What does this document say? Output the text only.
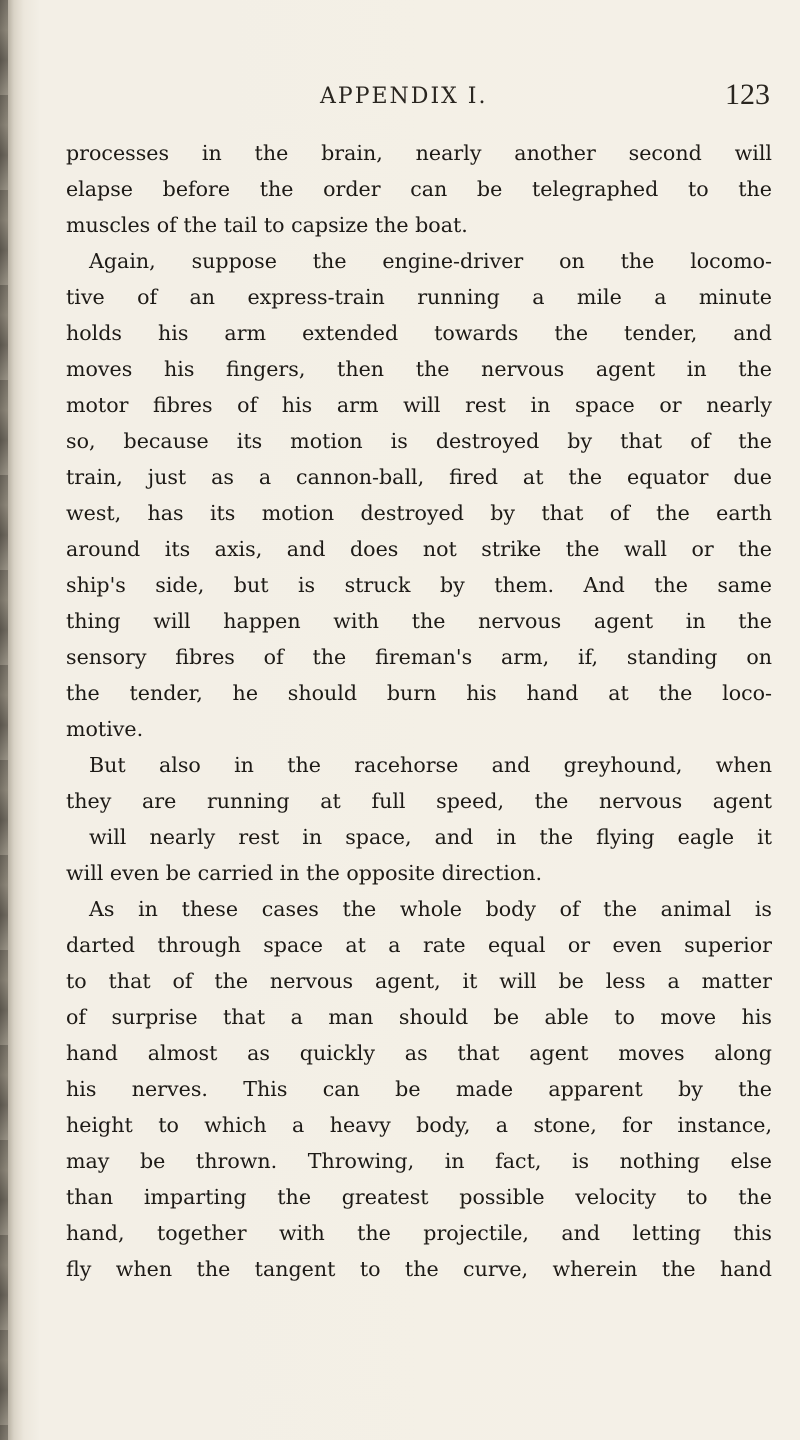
APPENDIX I.	123
processes in the brain, nearly another second will
elapse before the order can be telegraphed to the
muscles of the tail to capsize the boat.
Again, suppose the engine-driver on the locomo-
tive of an express-train running a mile a minute
holds his arm extended towards the tender, and
moves his fingers, then the nervous agent in the
motor fibres of his arm will rest in space or nearly
so, because its motion is destroyed by that of the
train, just as a cannon-ball, fired at the equator due
west, has its motion destroyed by that of the earth
around its axis, and does not strike the wall or the
ship's side, but is struck by them. And the same
thing will happen with the nervous agent in the
sensory fibres of the fireman's arm, if, standing on
the tender, he should burn his hand at the loco-
motive.
But also in the racehorse and greyhound, when
they are running at full speed, the nervous agent
will nearly rest in space, and in the flying eagle it
will even be carried in the opposite direction.
As in these cases the whole body of the animal is
darted through space at a rate equal or even superior
to that of the nervous agent, it will be less a matter
of surprise that a man should be able to move his
hand almost as quickly as that agent moves along
his nerves. This can be made apparent by the
height to which a heavy body, a stone, for instance,
may be thrown. Throwing, in fact, is nothing else
than imparting the greatest possible velocity to the
hand, together with the projectile, and letting this
fly when the tangent to the curve, wherein the hand
